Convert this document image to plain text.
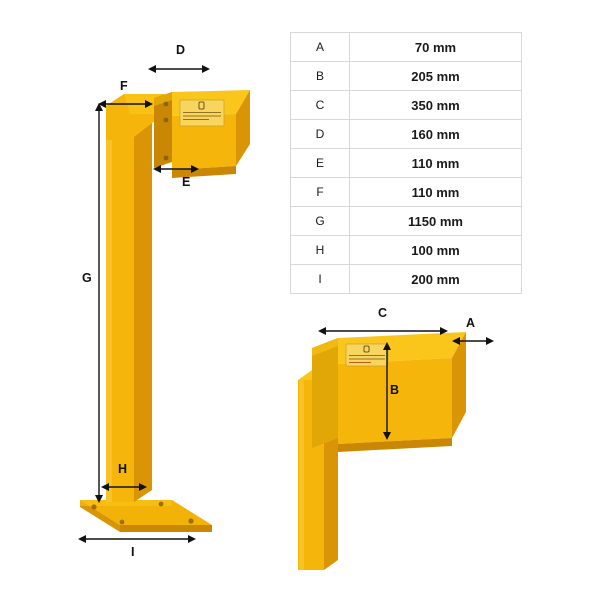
A	70 mm
B	205 mm
C	350 mm
D	160 mm
E	110 mm
F	110 mm
G	1150 mm
H	100 mm
I	200 mm
D
F
E
G
H
I
C
A
B
